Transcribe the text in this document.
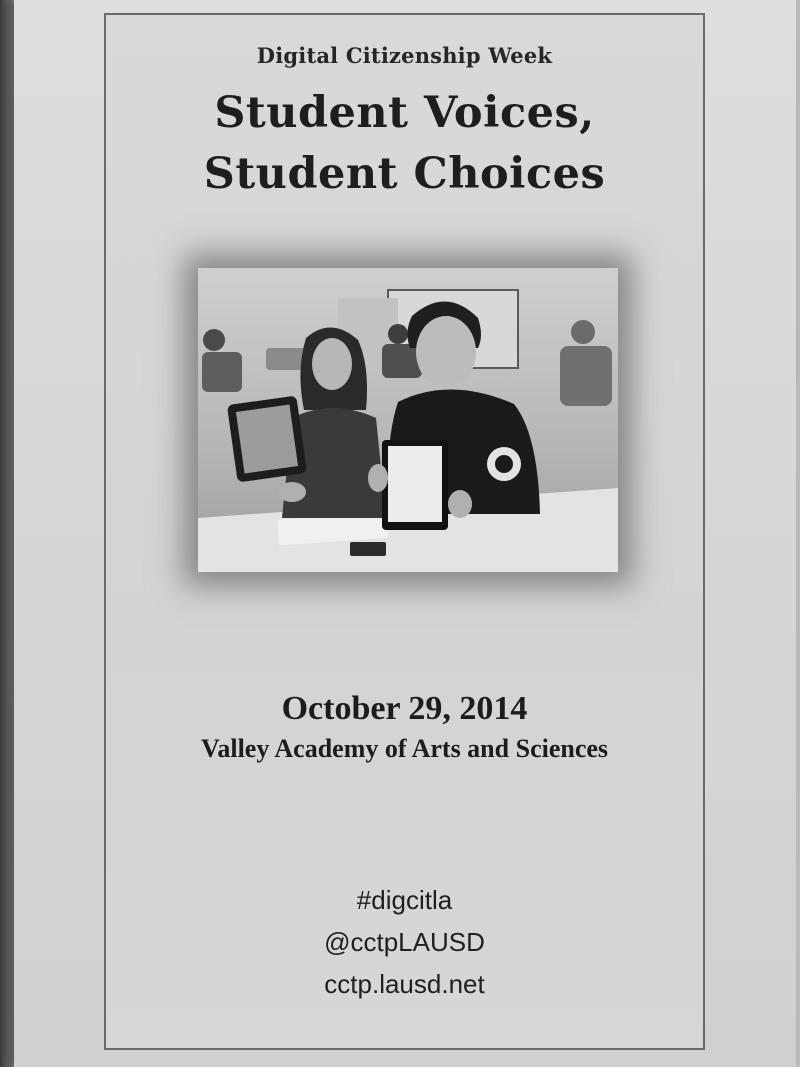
Digital Citizenship Week
Student Voices,
Student Choices
October 29, 2014
Valley Academy of Arts and Sciences
#digcitla
@cctpLAUSD
cctp.lausd.net
